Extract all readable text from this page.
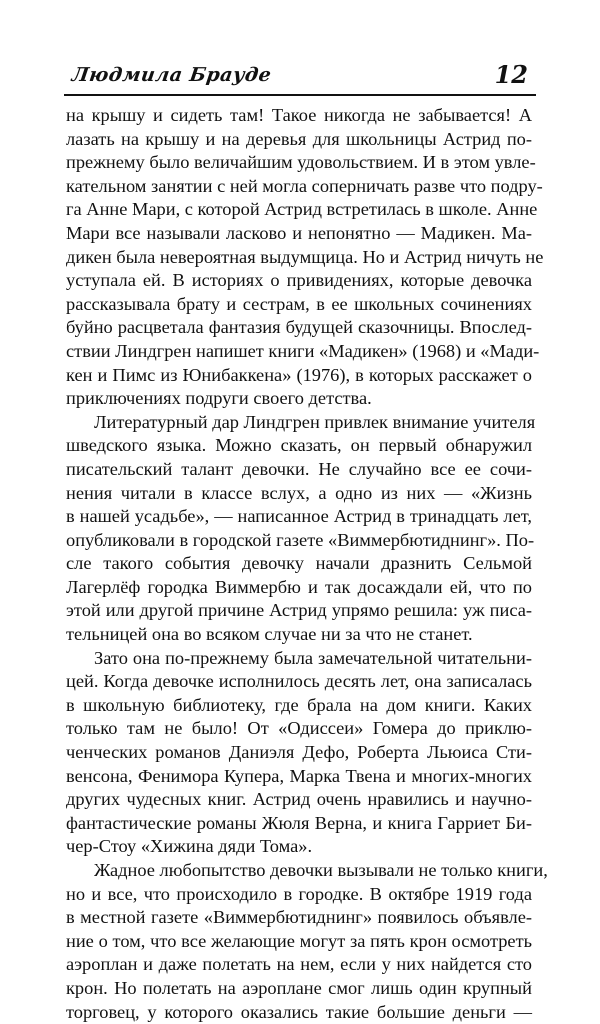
Людмила Брауде	12
на крышу и сидеть там! Такое никогда не забывается! А
лазать на крышу и на деревья для школьницы Астрид по-
прежнему было величайшим удовольствием. И в этом увле-
кательном занятии с ней могла соперничать разве что подру-
га Анне Мари, с которой Астрид встретилась в школе. Анне
Мари все называли ласково и непонятно — Мадикен. Ма-
дикен была невероятная выдумщица. Но и Астрид ничуть не
уступала ей. В историях о привидениях, которые девочка
рассказывала брату и сестрам, в ее школьных сочинениях
буйно расцветала фантазия будущей сказочницы. Впослед-
ствии Линдгрен напишет книги «Мадикен» (1968) и «Мади-
кен и Пимс из Юнибаккена» (1976), в которых расскажет о
приключениях подруги своего детства.
Литературный дар Линдгрен привлек внимание учителя
шведского языка. Можно сказать, он первый обнаружил
писательский талант девочки. Не случайно все ее сочи-
нения читали в классе вслух, а одно из них — «Жизнь
в нашей усадьбе», — написанное Астрид в тринадцать лет,
опубликовали в городской газете «Виммербютиднинг». По-
сле такого события девочку начали дразнить Сельмой
Лагерлёф городка Виммербю и так досаждали ей, что по
этой или другой причине Астрид упрямо решила: уж писа-
тельницей она во всяком случае ни за что не станет.
Зато она по-прежнему была замечательной читательни-
цей. Когда девочке исполнилось десять лет, она записалась
в школьную библиотеку, где брала на дом книги. Каких
только там не было! От «Одиссеи» Гомера до приклю-
ченческих романов Даниэля Дефо, Роберта Льюиса Сти-
венсона, Фенимора Купера, Марка Твена и многих-многих
других чудесных книг. Астрид очень нравились и научно-
фантастические романы Жюля Верна, и книга Гарриет Би-
чер-Стоу «Хижина дяди Тома».
Жадное любопытство девочки вызывали не только книги,
но и все, что происходило в городке. В октябре 1919 года
в местной газете «Виммербютиднинг» появилось объявле-
ние о том, что все желающие могут за пять крон осмотреть
аэроплан и даже полетать на нем, если у них найдется сто
крон. Но полетать на аэроплане смог лишь один крупный
торговец, у которого оказались такие большие деньги —
